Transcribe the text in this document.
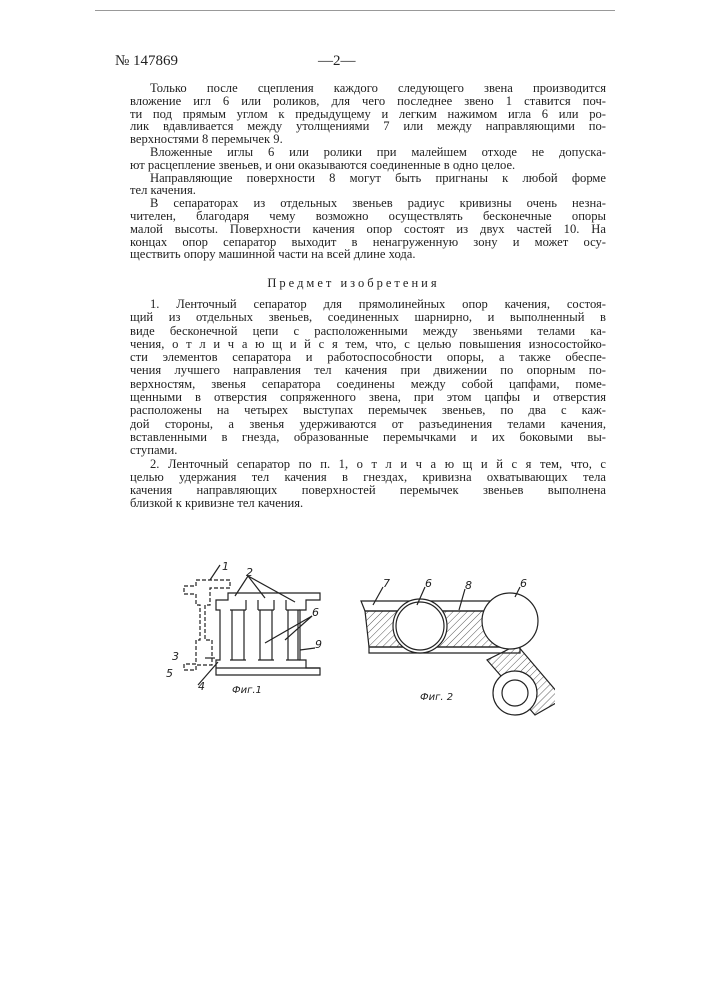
№ 147869	—2—
Только после сцепления каждого следующего звена производится
вложение игл 6 или роликов, для чего последнее звено 1 ставится поч-
ти под прямым углом к предыдущему и легким нажимом игла 6 или ро-
лик вдавливается между утолщениями 7 или между направляющими по-
верхностями 8 перемычек 9.
Вложенные иглы 6 или ролики при малейшем отходе не допуска-
ют расцепление звеньев, и они оказываются соединенные в одно целое.
Направляющие поверхности 8 могут быть пригнаны к любой форме
тел качения.
В сепараторах из отдельных звеньев радиус кривизны очень незна-
чителен, благодаря чему возможно осуществлять бесконечные опоры
малой высоты. Поверхности качения опор состоят из двух частей 10. На
концах опор сепаратор выходит в ненагруженную зону и может осу-
ществить опору машинной части на всей длине хода.
Предмет изобретения
1. Ленточный сепаратор для прямолинейных опор качения, состоя-
щий из отдельных звеньев, соединенных шарнирно, и выполненный в
виде бесконечной цепи с расположенными между звеньями телами ка-
чения, о т л и ч а ю щ и й с я тем, что, с целью повышения износостойко-
сти элементов сепаратора и работоспособности опоры, а также обеспе-
чения лучшего направления тел качения при движении по опорным по-
верхностям, звенья сепаратора соединены между собой цапфами, поме-
щенными в отверстия сопряженного звена, при этом цапфы и отверстия
расположены на четырех выступах перемычек звеньев, по два с каж-
дой стороны, а звенья удерживаются от разъединения телами качения,
вставленными в гнезда, образованные перемычками и их боковыми вы-
ступами.
2. Ленточный сепаратор по п. 1, о т л и ч а ю щ и й с я тем, что, с
целью удержания тел качения в гнездах, кривизна охватывающих тела
качения направляющих поверхностей перемычек звеньев выполнена
близкой к кривизне тел качения.
1 2
3
4
5
6
9
Фиг.1
7	6	8	6
Фиг. 2
